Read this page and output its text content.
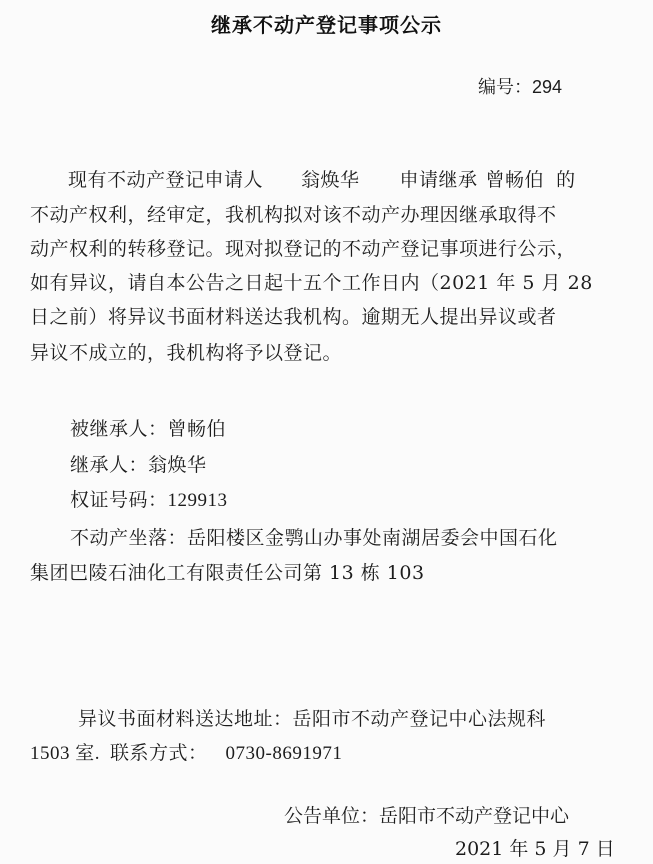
继承不动产登记事项公示
编号：294
现有不动产登记申请人 翁焕华 申请继承 曾畅伯 的
不动产权利，经审定，我机构拟对该不动产办理因继承取得不
动产权利的转移登记。现对拟登记的不动产登记事项进行公示，
如有异议，请自本公告之日起十五个工作日内（2021 年 5 月 28
日之前）将异议书面材料送达我机构。逾期无人提出异议或者
异议不成立的，我机构将予以登记。
被继承人：曾畅伯
继承人：翁焕华
权证号码：129913
不动产坐落：岳阳楼区金鹗山办事处南湖居委会中国石化
集团巴陵石油化工有限责任公司第 13 栋 103
异议书面材料送达地址：岳阳市不动产登记中心法规科
1503 室. 联系方式： 0730-8691971
公告单位：岳阳市不动产登记中心
2021 年 5 月 7 日
